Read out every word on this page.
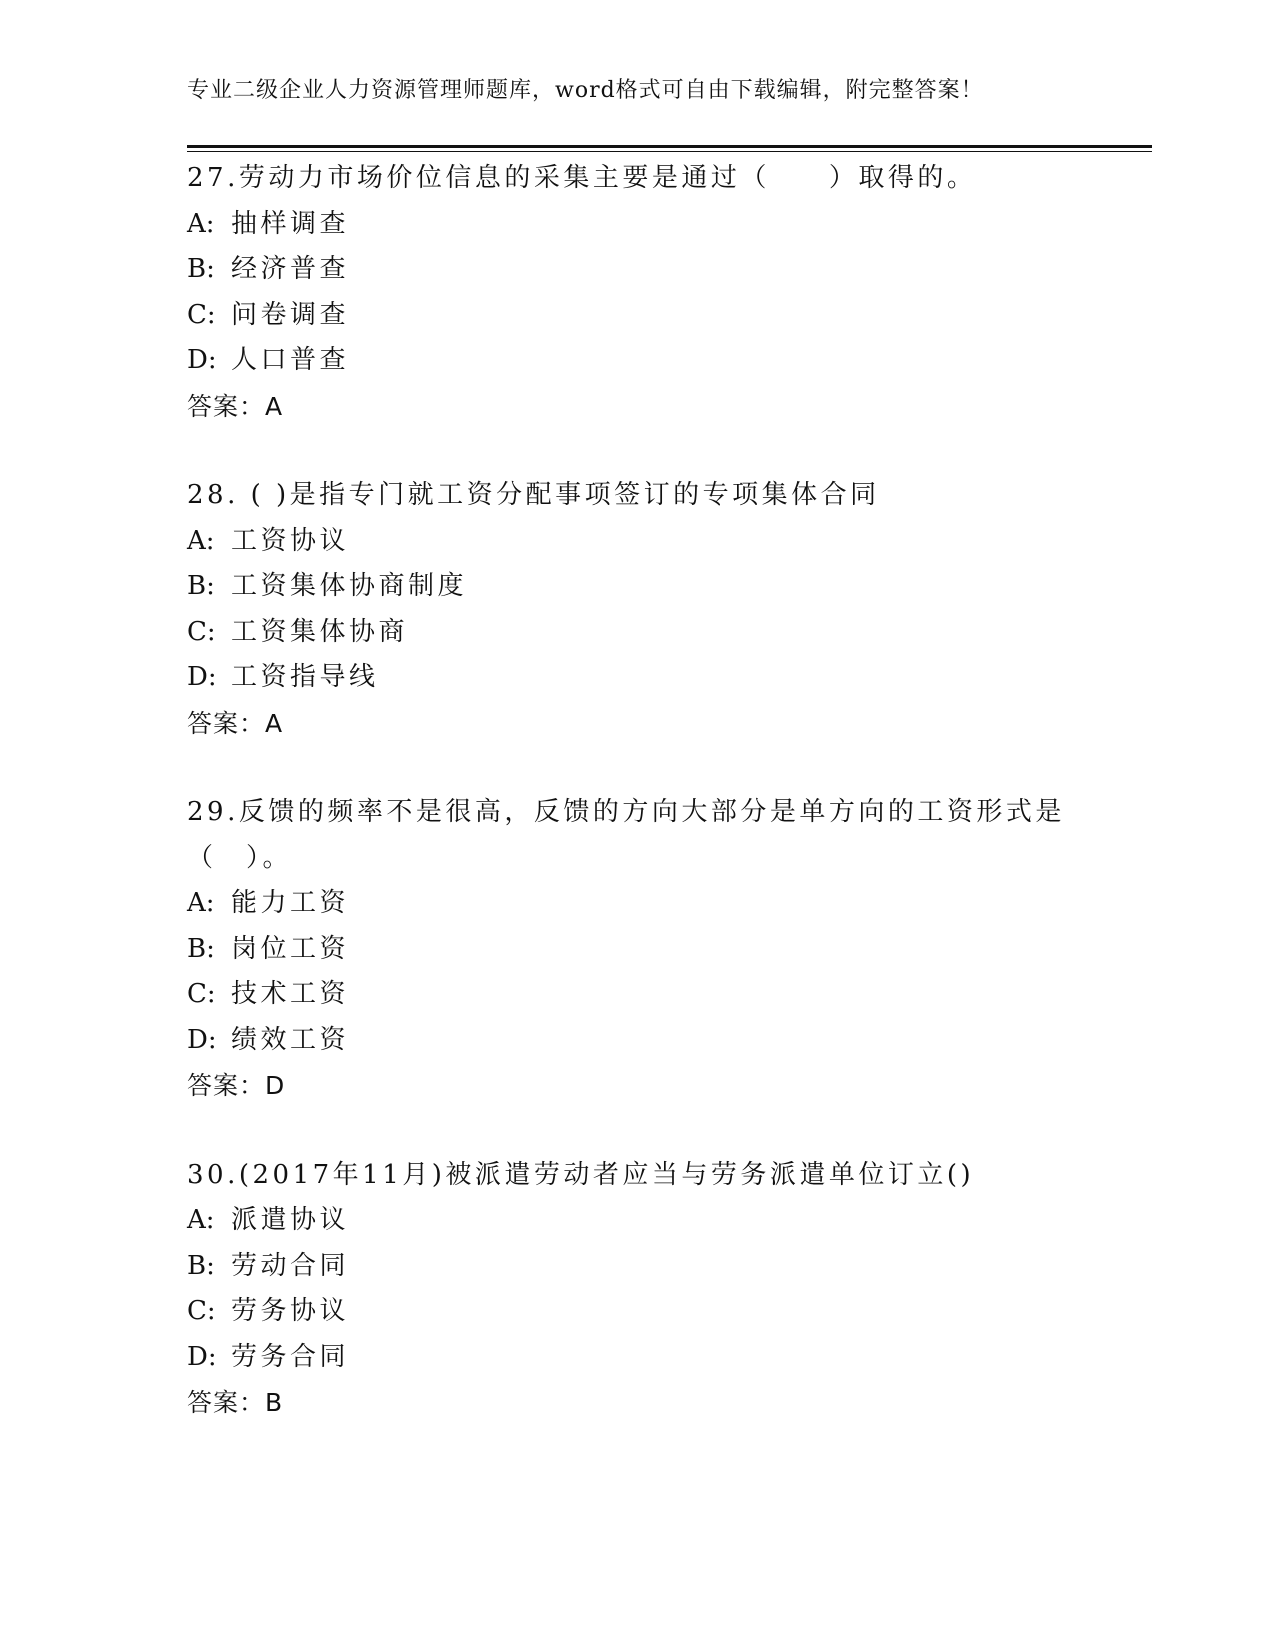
专业二级企业人力资源管理师题库，word格式可自由下载编辑，附完整答案！
27.劳动力市场价位信息的采集主要是通过（　　）取得的。
A: 抽样调查
B: 经济普查
C: 问卷调查
D: 人口普查
答案：A
28. ( )是指专门就工资分配事项签订的专项集体合同
A: 工资协议
B: 工资集体协商制度
C: 工资集体协商
D: 工资指导线
答案：A
29.反馈的频率不是很高，反馈的方向大部分是单方向的工资形式是（　）。
A: 能力工资
B: 岗位工资
C: 技术工资
D: 绩效工资
答案：D
30.(2017年11月)被派遣劳动者应当与劳务派遣单位订立()
A: 派遣协议
B: 劳动合同
C: 劳务协议
D: 劳务合同
答案：B
